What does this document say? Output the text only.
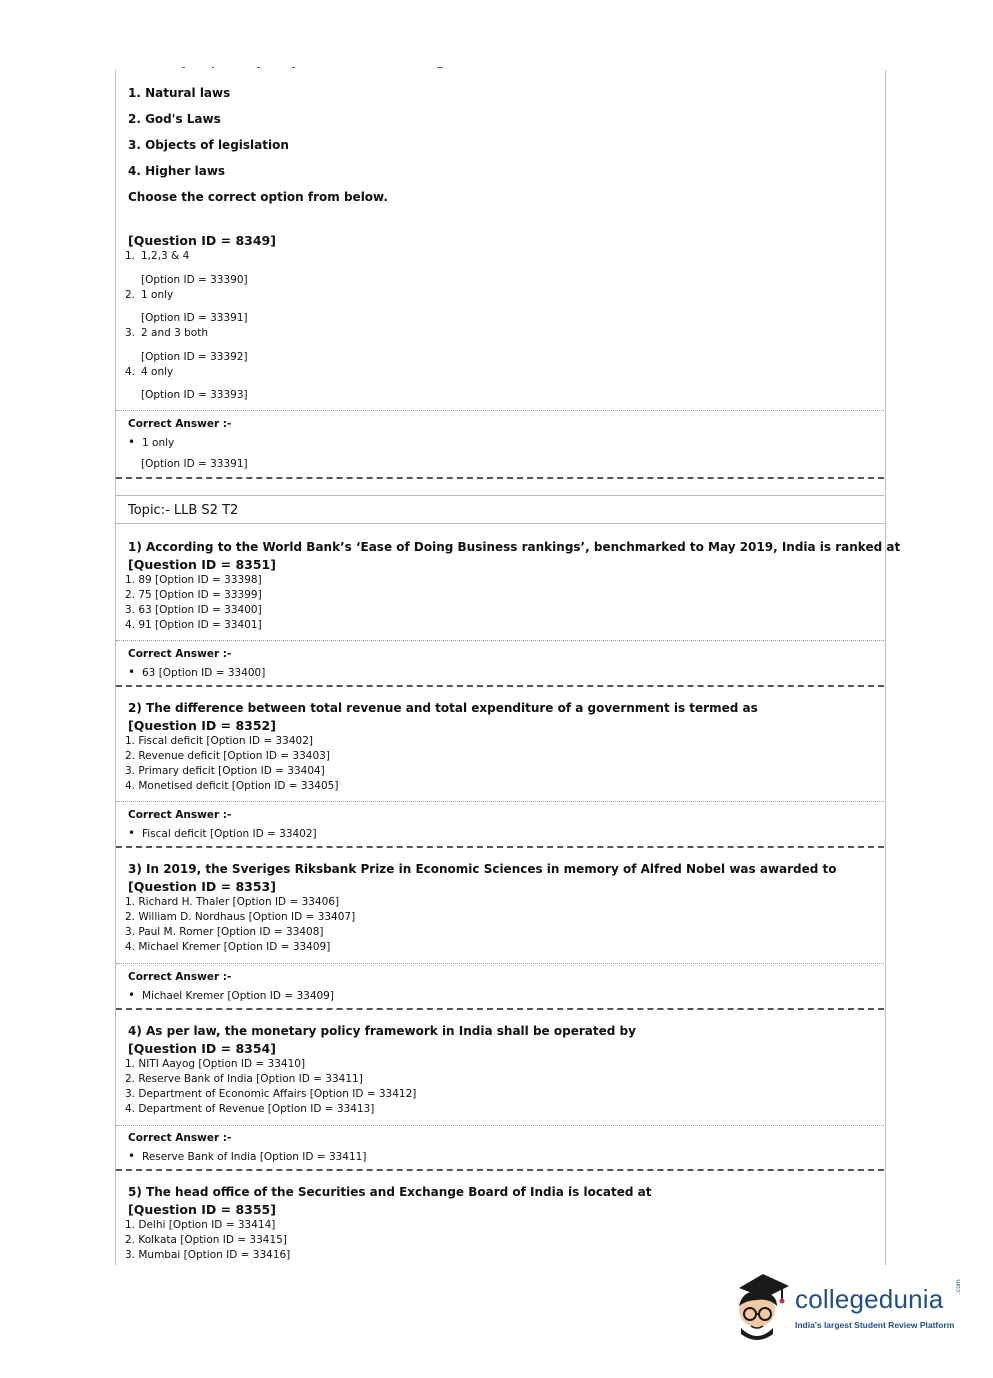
1. Natural laws
2. God's Laws
3. Objects of legislation
4. Higher laws
Choose the correct option from below.
[Question ID = 8349]
1. 1,2,3 & 4
[Option ID = 33390]
2. 1 only
[Option ID = 33391]
3. 2 and 3 both
[Option ID = 33392]
4. 4 only
[Option ID = 33393]
Correct Answer :-
• 1 only
[Option ID = 33391]
Topic:- LLB S2 T2
1) According to the World Bank’s ‘Ease of Doing Business rankings’, benchmarked to May 2019, India is ranked at
[Question ID = 8351]
1. 89 [Option ID = 33398]
2. 75 [Option ID = 33399]
3. 63 [Option ID = 33400]
4. 91 [Option ID = 33401]
Correct Answer :-
• 63 [Option ID = 33400]
2) The difference between total revenue and total expenditure of a government is termed as
[Question ID = 8352]
1. Fiscal deficit [Option ID = 33402]
2. Revenue deficit [Option ID = 33403]
3. Primary deficit [Option ID = 33404]
4. Monetised deficit [Option ID = 33405]
Correct Answer :-
• Fiscal deficit [Option ID = 33402]
3) In 2019, the Sveriges Riksbank Prize in Economic Sciences in memory of Alfred Nobel was awarded to
[Question ID = 8353]
1. Richard H. Thaler [Option ID = 33406]
2. William D. Nordhaus [Option ID = 33407]
3. Paul M. Romer [Option ID = 33408]
4. Michael Kremer [Option ID = 33409]
Correct Answer :-
• Michael Kremer [Option ID = 33409]
4) As per law, the monetary policy framework in India shall be operated by
[Question ID = 8354]
1. NITI Aayog [Option ID = 33410]
2. Reserve Bank of India [Option ID = 33411]
3. Department of Economic Affairs [Option ID = 33412]
4. Department of Revenue [Option ID = 33413]
Correct Answer :-
• Reserve Bank of India [Option ID = 33411]
5) The head office of the Securities and Exchange Board of India is located at
[Question ID = 8355]
1. Delhi [Option ID = 33414]
2. Kolkata [Option ID = 33415]
3. Mumbai [Option ID = 33416]
collegedunia .com
India's largest Student Review Platform
